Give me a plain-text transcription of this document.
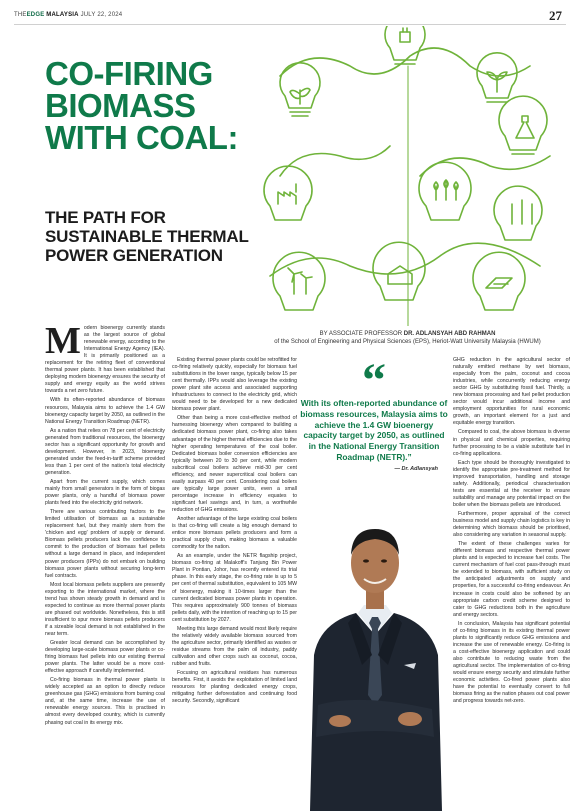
THEEDGE MALAYSIA JULY 22, 2024	27
CO-FIRING BIOMASS WITH COAL:
THE PATH FOR SUSTAINABLE THERMAL POWER GENERATION
BY ASSOCIATE PROFESSOR DR. ADLANSYAH ABD RAHMAN
of the School of Engineering and Physical Sciences (EPS), Heriot-Watt University Malaysia (HWUM)

Modern bioenergy currently stands as the largest source of global renewable energy, according to the International Energy Agency (IEA). It is primarily positioned as a replacement for the retiring fleet of conventional thermal power plants. It has been established that deploying modern bioenergy ensures the security of supply and energy equity as the world strives towards a net zero future.

With its often-reported abundance of biomass resources, Malaysia aims to achieve the 1.4 GW bioenergy capacity target by 2050, as outlined in the National Energy Transition Roadmap (NETR).

As a nation that relies on 78 per cent of electricity generated from traditional resources, the bioenergy sector has a significant opportunity for growth and development. However, in 2023, bioenergy generated under the feed-in-tariff scheme provided less than 1 per cent of the nation's total electricity generation.

Apart from the current supply, which comes mainly from small generators in the form of biogas power plants, only a handful of biomass power plants feed into the electricity grid network.

There are various contributing factors to the limited utilisation of biomass as a sustainable replacement fuel, but they mainly stem from the 'chicken and egg' problem of supply or demand. Biomass pellets producers lack the confidence to commit to the production of biomass fuel pellets without a large demand in place, and independent power producers (IPPs) do not embark on building biomass power plants without securing long-term fuel contracts.

Most local biomass pellets suppliers are presently exporting to the international market, where the trend has shown steady growth in demand and is expected to continue as more thermal power plants are phased out worldwide. Nonetheless, this is still insufficient to spur more biomass pellets producers if a sizeable local demand is not established in the near term.

Greater local demand can be accomplished by developing large-scale biomass power plants or co-firing biomass fuel pellets into our existing thermal power plants. The latter would be a more cost-effective approach if carefully implemented.

Co-firing biomass in thermal power plants is widely accepted as an option to directly reduce greenhouse gas (GHG) emissions from burning coal and, at the same time, increase the use of renewable energy sources. This is practised in almost every developed country, which is currently phasing out coal in its energy mix.

Existing thermal power plants could be retrofitted for co-firing relatively quickly, especially for biomass fuel substitutions in the lower range, typically below 15 per cent thermally. IPPs would also leverage the existing power plant site access and associated supporting infrastructures to connect to the electricity grid, which would need to be developed for a new dedicated biomass power plant.

Other than being a more cost-effective method of harnessing bioenergy when compared to building a dedicated biomass power plant, co-firing also takes advantage of the higher thermal efficiencies due to the higher operating temperatures of the coal boiler. Dedicated biomass boiler conversion efficiencies are typically between 20 to 30 per cent, while modern subcritical coal boilers achieve mid-30 per cent efficiency, and newer supercritical coal boilers can easily surpass 40 per cent. Considering coal boilers are typically large power units, even a small percentage increase in efficiency equates to significant fuel savings and, in turn, a worthwhile reduction of GHG emissions.

Another advantage of the large existing coal boilers is that co-firing will create a big enough demand to entice more biomass pellets producers and form a practical supply chain, making biomass a valuable commodity for the nation.

As an example, under the NETR flagship project, biomass co-firing at Malakoff's Tanjung Bin Power Plant in Pontian, Johor, has recently entered its trial phase. In this early stage, the co-firing rate is up to 5 per cent of thermal substitution, equivalent to 105 MW of bioenergy, making it 10-times larger than the current dedicated biomass power plants in operation. This requires approximately 900 tonnes of biomass pellets daily, with the intention of reaching up to 15 per cent substitution by 2027.

Meeting this large demand would most likely require the relatively widely available biomass sourced from the agriculture sector, primarily identified as wastes or residue streams from the palm oil industry, paddy cultivation and other crops such as coconut, cocoa, rubber and fruits.

Focusing on agricultural residues has numerous benefits. First, it avoids the exploitation of limited land resources for planting dedicated energy crops, mitigating further deforestation and continuing food security. Secondly, significant

“
With its often-reported abundance of biomass resources, Malaysia aims to achieve the 1.4 GW bioenergy capacity target by 2050, as outlined in the National Energy Transition Roadmap (NETR).”
— Dr. Adlansyah

GHG reduction in the agricultural sector of naturally emitted methane by wet biomass, especially from the palm, coconut and cocoa industries, while concurrently reducing energy sector GHG by substituting fossil fuel. Thirdly, a new biomass processing and fuel pellet production sector would incur additional income and employment opportunities for rural economic growth, an important element for a just and equitable energy transition.

Compared to coal, the above biomass is diverse in physical and chemical properties, requiring further processing to be a viable substitute fuel in co-firing applications.

Each type should be thoroughly investigated to identify the appropriate pre-treatment method for improved transportation, handling and storage safety. Additionally, periodical characterisation tests are essential at the receiver to ensure suitability and manage any potential impact on the boiler when the biomass pellets are introduced.

Furthermore, proper appraisal of the correct business model and supply chain logistics is key in determining which biomass should be prioritised, also considering any variation in seasonal supply.

The extent of these challenges varies for different biomass and respective thermal power plants and is expected to increase fuel costs. The current mechanism of fuel cost pass-through must be extended to biomass, with sufficient study on the anticipated adjustments on supply and properties, for a successful co-firing endeavour. An increase in costs could also be softened by an appropriate carbon credit scheme designed to cater to GHG reductions both in the agriculture and energy sectors.

In conclusion, Malaysia has significant potential of co-firing biomass in its existing thermal power plants to significantly reduce GHG emissions and increase the use of renewable energy. Co-firing is a cost-effective bioenergy application and could also contribute to reducing waste from the agricultural sector. The implementation of co-firing would ensure energy security and stimulate further economic activities. Co-fired power plants also have the potential to eventually convert to full biomass firing as the nation phases out coal power and progress towards net-zero.
